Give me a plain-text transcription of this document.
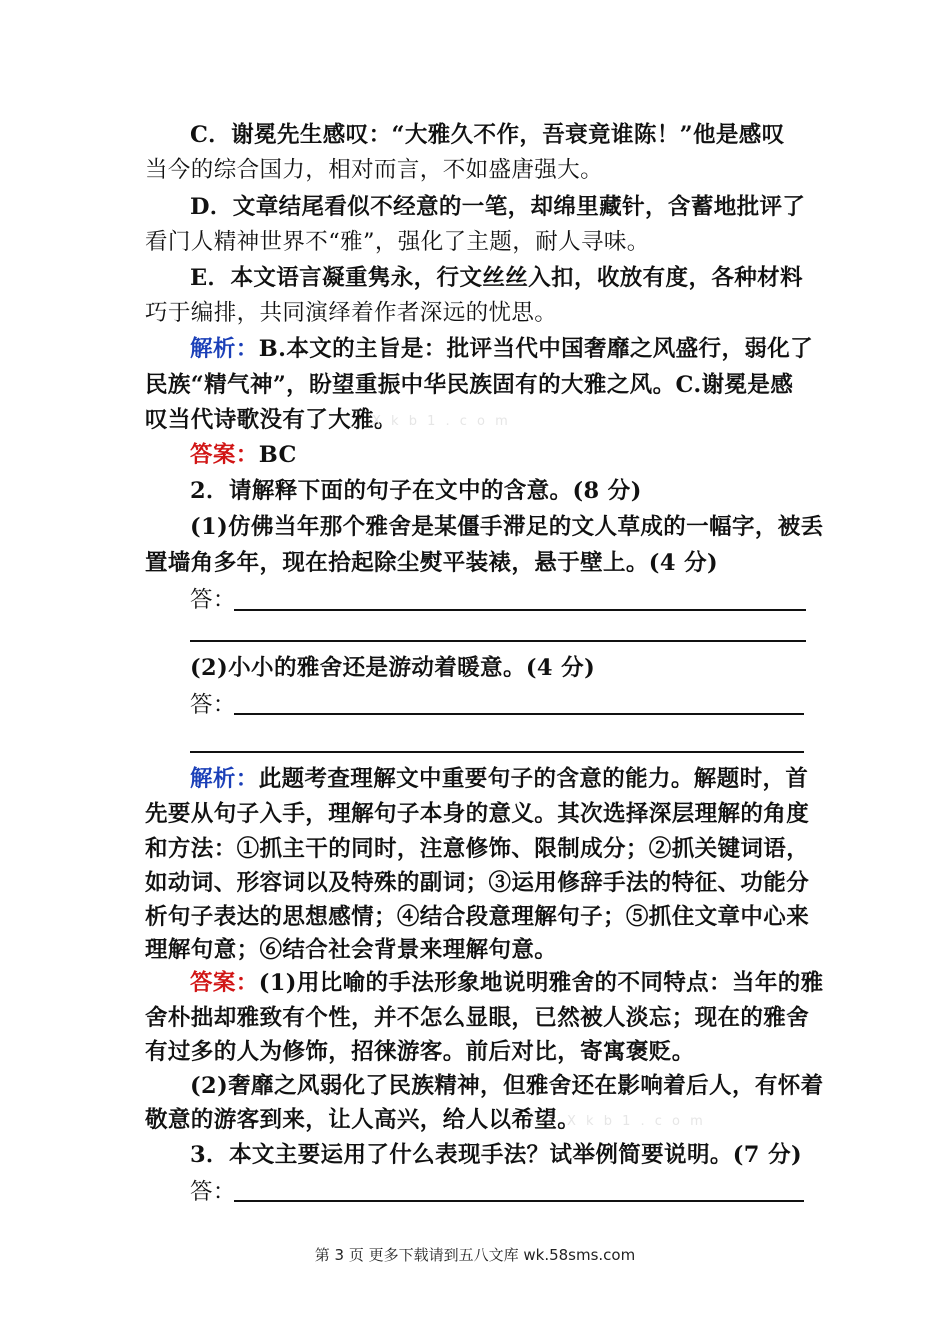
C．谢冕先生感叹：“大雅久不作，吾衰竟谁陈！”他是感叹
当今的综合国力，相对而言，不如盛唐强大。
D．文章结尾看似不经意的一笔，却绵里藏针，含蓄地批评了
看门人精神世界不“雅”，强化了主题，耐人寻味。
E．本文语言凝重隽永，行文丝丝入扣，收放有度，各种材料
巧于编排，共同演绎着作者深远的忧思。
解析：B.本文的主旨是：批评当代中国奢靡之风盛行，弱化了
民族“精气神”，盼望重振中华民族固有的大雅之风。C.谢冕是感
叹当代诗歌没有了大雅。
X k b 1 . c o m
答案：BC
2．请解释下面的句子在文中的含意。(8 分)
(1)仿佛当年那个雅舍是某僵手滞足的文人草成的一幅字，被丢
置墙角多年，现在拾起除尘熨平装裱，悬于壁上。(4 分)
答：
(2)小小的雅舍还是游动着暖意。(4 分)
答：
解析：此题考查理解文中重要句子的含意的能力。解题时，首
先要从句子入手，理解句子本身的意义。其次选择深层理解的角度
和方法：①抓主干的同时，注意修饰、限制成分；②抓关键词语，
如动词、形容词以及特殊的副词；③运用修辞手法的特征、功能分
析句子表达的思想感情；④结合段意理解句子；⑤抓住文章中心来
理解句意；⑥结合社会背景来理解句意。
答案：(1)用比喻的手法形象地说明雅舍的不同特点：当年的雅
舍朴拙却雅致有个性，并不怎么显眼，已然被人淡忘；现在的雅舍
有过多的人为修饰，招徕游客。前后对比，寄寓褒贬。
(2)奢靡之风弱化了民族精神，但雅舍还在影响着后人，有怀着
敬意的游客到来，让人高兴，给人以希望。
X k b 1 . c o m
3．本文主要运用了什么表现手法？试举例简要说明。(7 分)
答：
第 3 页 更多下载请到五八文库 wk.58sms.com
